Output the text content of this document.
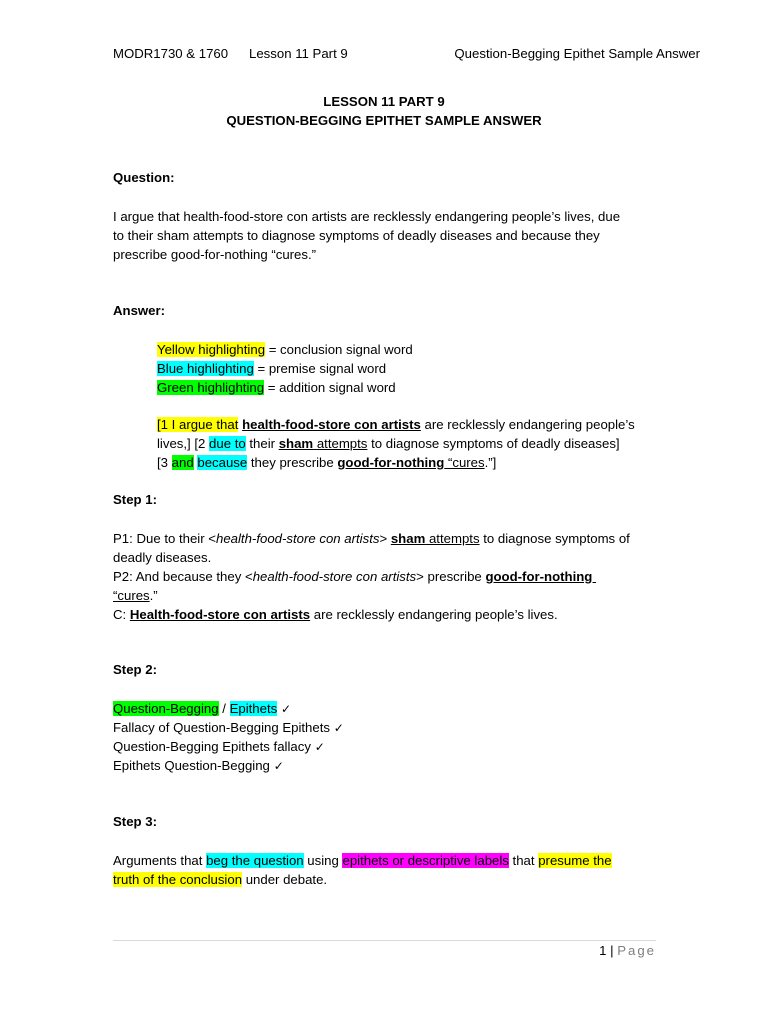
MODR1730 & 1760 Lesson 11 Part 9	Question-Begging Epithet Sample Answer
LESSON 11 PART 9
QUESTION-BEGGING EPITHET SAMPLE ANSWER
Question:
I argue that health-food-store con artists are recklessly endangering people’s lives, due
to their sham attempts to diagnose symptoms of deadly diseases and because they
prescribe good-for-nothing “cures.”
Answer:
Yellow highlighting = conclusion signal word
Blue highlighting = premise signal word
Green highlighting = addition signal word
[1 I argue that health-food-store con artists are recklessly endangering people’s
lives,] [2 due to their sham attempts to diagnose symptoms of deadly diseases]
[3 and because they prescribe good-for-nothing “cures.”]
Step 1:
P1: Due to their <health-food-store con artists> sham attempts to diagnose symptoms of
deadly diseases.
P2: And because they <health-food-store con artists> prescribe good-for-nothing
“cures.”
C: Health-food-store con artists are recklessly endangering people’s lives.
Step 2:
Question-Begging / Epithets ✓
Fallacy of Question-Begging Epithets ✓
Question-Begging Epithets fallacy ✓
Epithets Question-Begging ✓
Step 3:
Arguments that beg the question using epithets or descriptive labels that presume the
truth of the conclusion under debate.
1 | Page
